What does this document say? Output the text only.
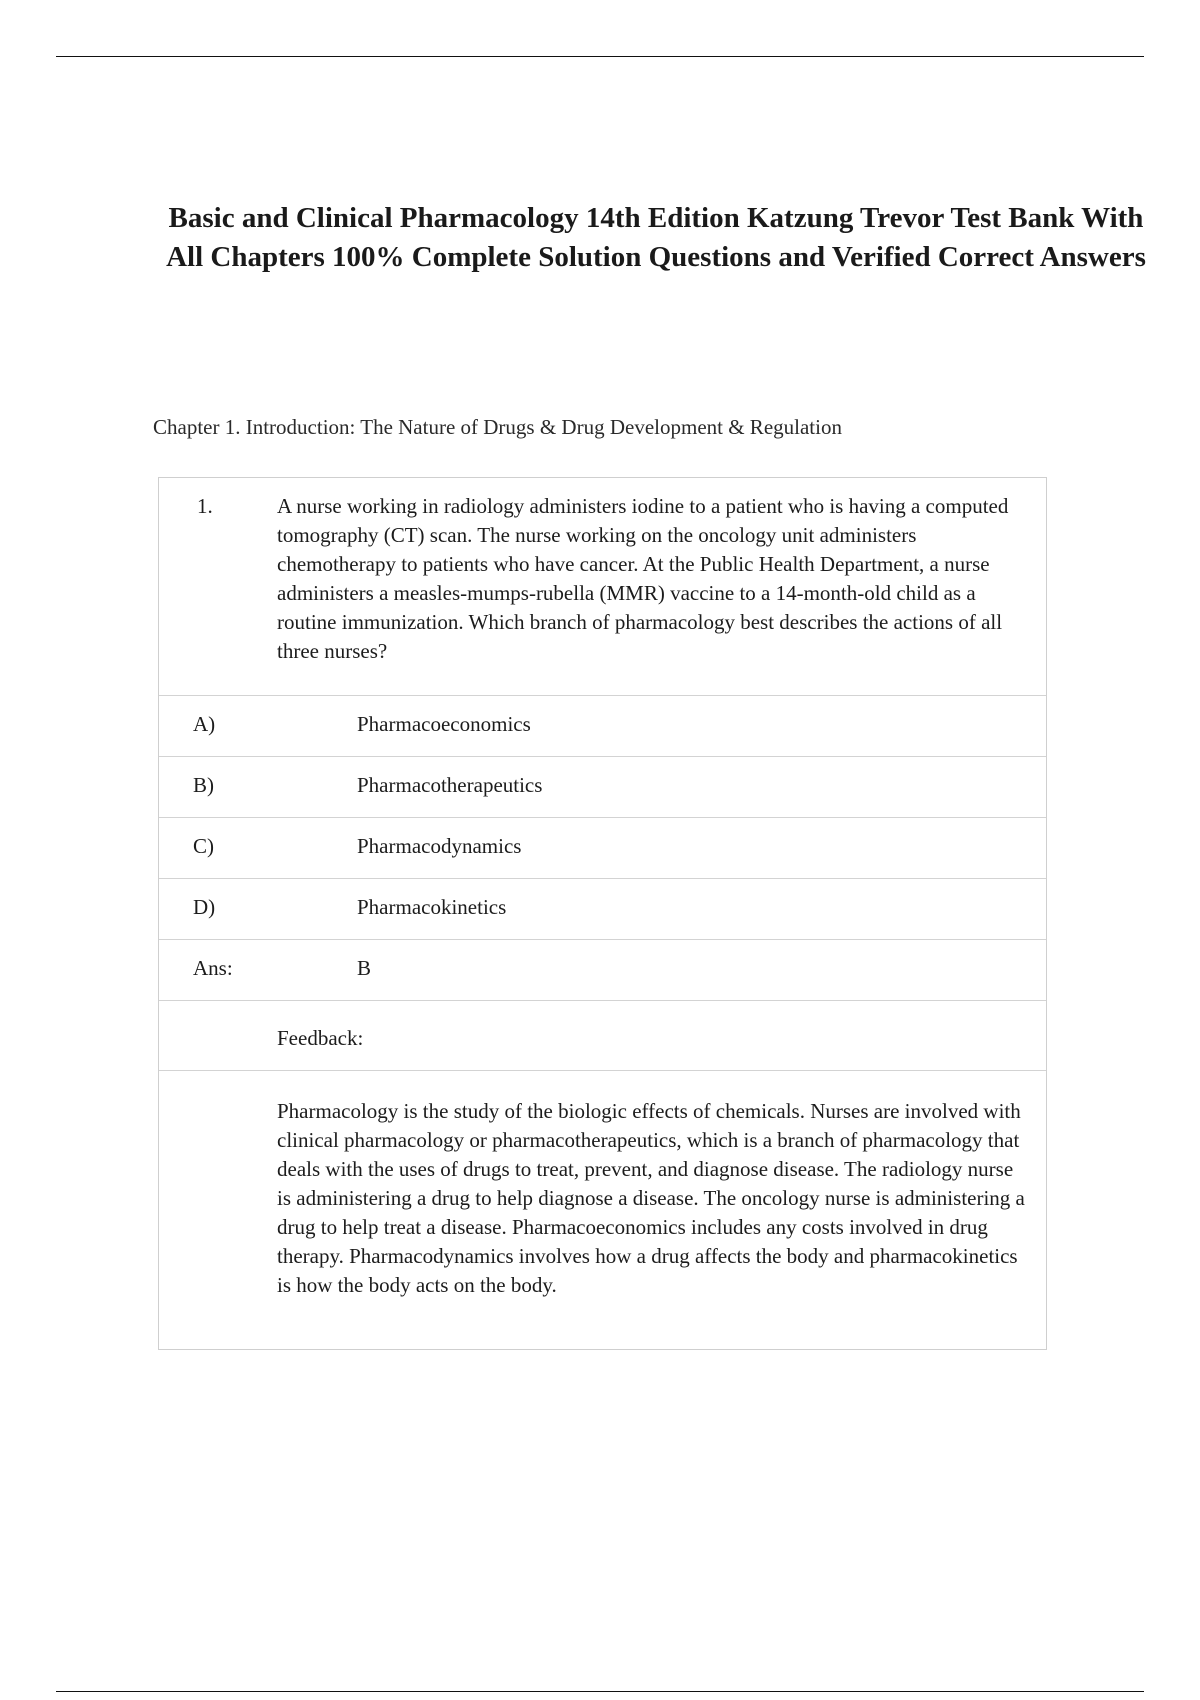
Basic and Clinical Pharmacology 14th Edition Katzung Trevor Test Bank With All Chapters 100% Complete Solution Questions and Verified Correct Answers
Chapter 1. Introduction: The Nature of Drugs & Drug Development & Regulation
1.	A nurse working in radiology administers iodine to a patient who is having a computed tomography (CT) scan. The nurse working on the oncology unit administers chemotherapy to patients who have cancer. At the Public Health Department, a nurse administers a measles-mumps-rubella (MMR) vaccine to a 14-month-old child as a routine immunization. Which branch of pharmacology best describes the actions of all three nurses?
A)	Pharmacoeconomics
B)	Pharmacotherapeutics
C)	Pharmacodynamics
D)	Pharmacokinetics
Ans:	B
Feedback:
Pharmacology is the study of the biologic effects of chemicals. Nurses are involved with clinical pharmacology or pharmacotherapeutics, which is a branch of pharmacology that deals with the uses of drugs to treat, prevent, and diagnose disease. The radiology nurse is administering a drug to help diagnose a disease. The oncology nurse is administering a drug to help treat a disease. Pharmacoeconomics includes any costs involved in drug therapy. Pharmacodynamics involves how a drug affects the body and pharmacokinetics is how the body acts on the body.
